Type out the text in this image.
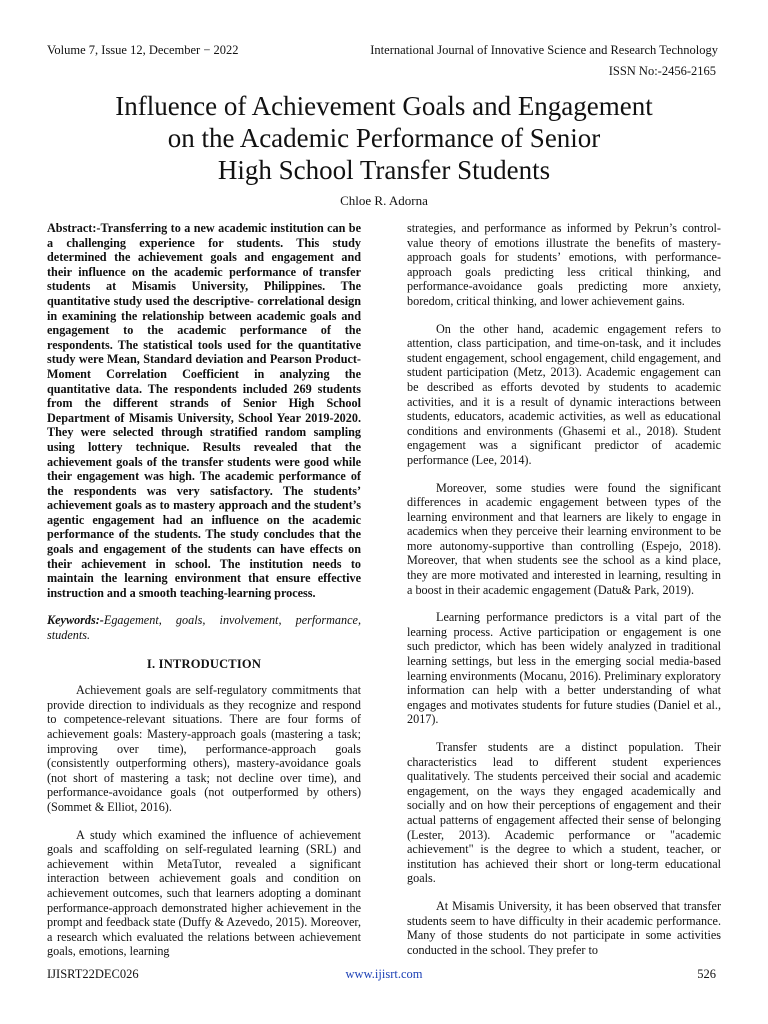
Volume 7, Issue 12, December − 2022	International Journal of Innovative Science and Research Technology
ISSN No:-2456-2165
Influence of Achievement Goals and Engagement
on the Academic Performance of Senior
High School Transfer Students
Chloe R. Adorna

Abstract:-Transferring to a new academic institution can be a challenging experience for students. This study determined the achievement goals and engagement and their influence on the academic performance of transfer students at Misamis University, Philippines. The quantitative study used the descriptive- correlational design in examining the relationship between academic goals and engagement to the academic performance of the respondents. The statistical tools used for the quantitative study were Mean, Standard deviation and Pearson Product-Moment Correlation Coefficient in analyzing the quantitative data. The respondents included 269 students from the different strands of Senior High School Department of Misamis University, School Year 2019-2020. They were selected through stratified random sampling using lottery technique. Results revealed that the achievement goals of the transfer students were good while their engagement was high. The academic performance of the respondents was very satisfactory. The students’ achievement goals as to mastery approach and the student’s agentic engagement had an influence on the academic performance of the students. The study concludes that the goals and engagement of the students can have effects on their achievement in school. The institution needs to maintain the learning environment that ensure effective instruction and a smooth teaching-learning process.

Keywords:-Egagement, goals, involvement, performance, students.

I. INTRODUCTION

Achievement goals are self-regulatory commitments that provide direction to individuals as they recognize and respond to competence-relevant situations. There are four forms of achievement goals: Mastery-approach goals (mastering a task; improving over time), performance-approach goals (consistently outperforming others), mastery-avoidance goals (not short of mastering a task; not decline over time), and performance-avoidance goals (not outperformed by others) (Sommet & Elliot, 2016).

A study which examined the influence of achievement goals and scaffolding on self-regulated learning (SRL) and achievement within MetaTutor, revealed a significant interaction between achievement goals and condition on achievement outcomes, such that learners adopting a dominant performance-approach demonstrated higher achievement in the prompt and feedback state (Duffy & Azevedo, 2015). Moreover, a research which evaluated the relations between achievement goals, emotions, learning

strategies, and performance as informed by Pekrun’s control-value theory of emotions illustrate the benefits of mastery-approach goals for students’ emotions, with performance-approach goals predicting less critical thinking, and performance-avoidance goals predicting more anxiety, boredom, critical thinking, and lower achievement gains.

On the other hand, academic engagement refers to attention, class participation, and time-on-task, and it includes student engagement, school engagement, child engagement, and student participation (Metz, 2013). Academic engagement can be described as efforts devoted by students to academic activities, and it is a result of dynamic interactions between students, educators, academic activities, as well as educational conditions and environments (Ghasemi et al., 2018). Student engagement was a significant predictor of academic performance (Lee, 2014).

Moreover, some studies were found the significant differences in academic engagement between types of the learning environment and that learners are likely to engage in academics when they perceive their learning environment to be more autonomy-supportive than controlling (Espejo, 2018). Moreover, that when students see the school as a kind place, they are more motivated and interested in learning, resulting in a boost in their academic engagement (Datu& Park, 2019).

Learning performance predictors is a vital part of the learning process. Active participation or engagement is one such predictor, which has been widely analyzed in traditional learning settings, but less in the emerging social media-based learning environments (Mocanu, 2016). Preliminary exploratory information can help with a better understanding of what engages and motivates students for future studies (Daniel et al., 2017).

Transfer students are a distinct population. Their characteristics lead to different student experiences qualitatively. The students perceived their social and academic engagement, on the ways they engaged academically and socially and on how their perceptions of engagement and their actual patterns of engagement affected their sense of belonging (Lester, 2013). Academic performance or "academic achievement" is the degree to which a student, teacher, or institution has achieved their short or long-term educational goals.

At Misamis University, it has been observed that transfer students seem to have difficulty in their academic performance. Many of those students do not participate in some activities conducted in the school. They prefer to

IJISRT22DEC026	www.ijisrt.com	526
